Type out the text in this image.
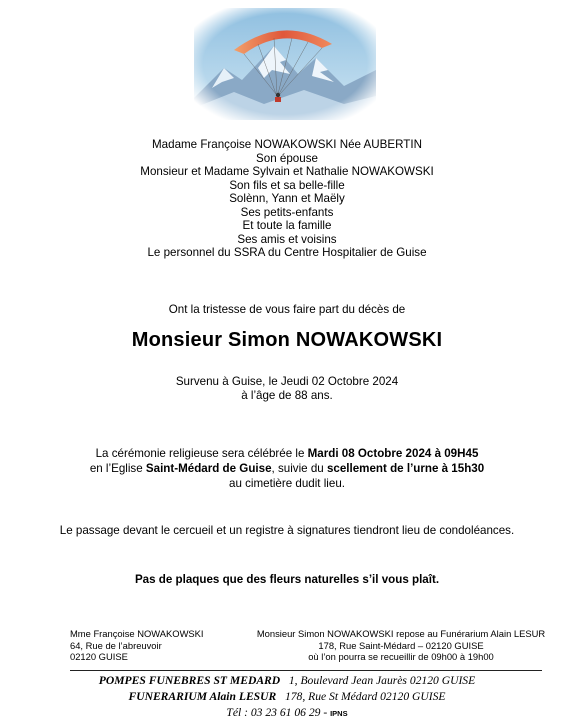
Madame Françoise NOWAKOWSKI Née AUBERTIN
Son épouse
Monsieur et Madame Sylvain et Nathalie NOWAKOWSKI
Son fils et sa belle-fille
Solènn, Yann et Maëly
Ses petits-enfants
Et toute la famille
Ses amis et voisins
Le personnel du SSRA du Centre Hospitalier de Guise
Ont la tristesse de vous faire part du décès de
Monsieur Simon NOWAKOWSKI
Survenu à Guise, le Jeudi 02 Octobre 2024
à l’âge de 88 ans.
La cérémonie religieuse sera célébrée le Mardi 08 Octobre 2024 à 09H45
en l’Eglise Saint-Médard de Guise, suivie du scellement de l’urne à 15h30
au cimetière dudit lieu.
Le passage devant le cercueil et un registre à signatures tiendront lieu de condoléances.
Pas de plaques que des fleurs naturelles s’il vous plaît.
Mme Françoise NOWAKOWSKI
64, Rue de l’abreuvoir
02120 GUISE
Monsieur Simon NOWAKOWSKI repose au Funérarium Alain LESUR
178, Rue Saint-Médard – 02120 GUISE
où l’on pourra se recueillir de 09h00 à 19h00
POMPES FUNEBRES ST MEDARD 1, Boulevard Jean Jaurès 02120 GUISE
FUNERARIUM Alain LESUR 178, Rue St Médard 02120 GUISE
Tél : 03 23 61 06 29 - IPNS
